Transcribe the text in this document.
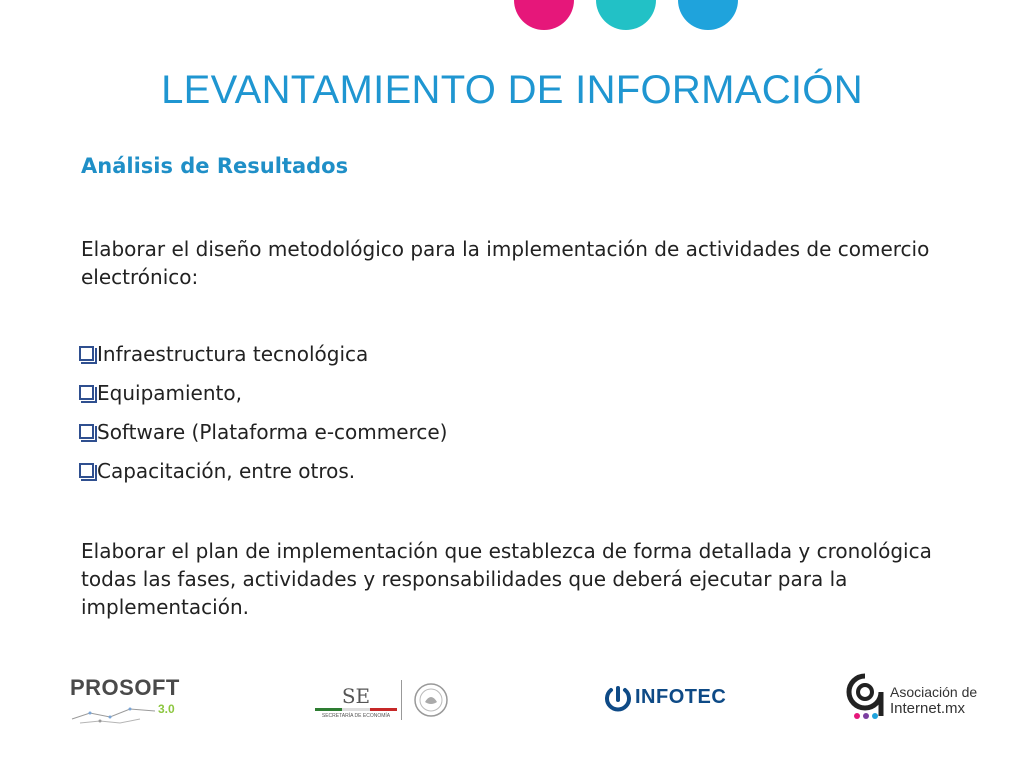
LEVANTAMIENTO DE INFORMACIÓN
Análisis de Resultados
Elaborar el diseño metodológico para la implementación de actividades de comercio electrónico:
Infraestructura tecnológica
Equipamiento,
Software (Plataforma e-commerce)
Capacitación, entre otros.
Elaborar el plan de implementación que establezca de forma detallada y cronológica todas las fases, actividades y responsabilidades que deberá ejecutar para la implementación.
PROSOFT
3.0
SE
SECRETARÍA DE ECONOMÍA
INFOTEC	Asociación de
Internet.mx
